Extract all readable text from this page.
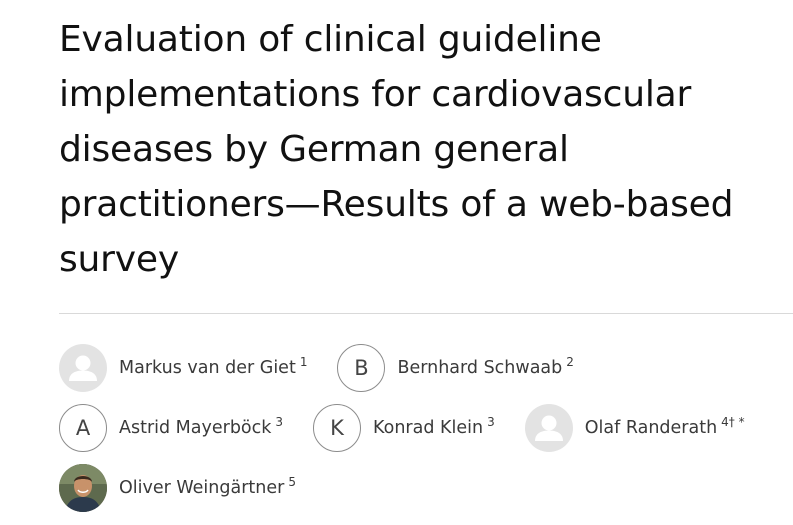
Evaluation of clinical guideline implementations for cardiovascular diseases by German general practitioners—Results of a web-based survey
Markus van der Giet $^1$	B	Bernhard Schwaab $^2$
A	Astrid Mayerböck $^3$	K	Konrad Klein $^3$	Olaf Randerath $^{4\dagger *}$
Oliver Weingärtner $^5$
